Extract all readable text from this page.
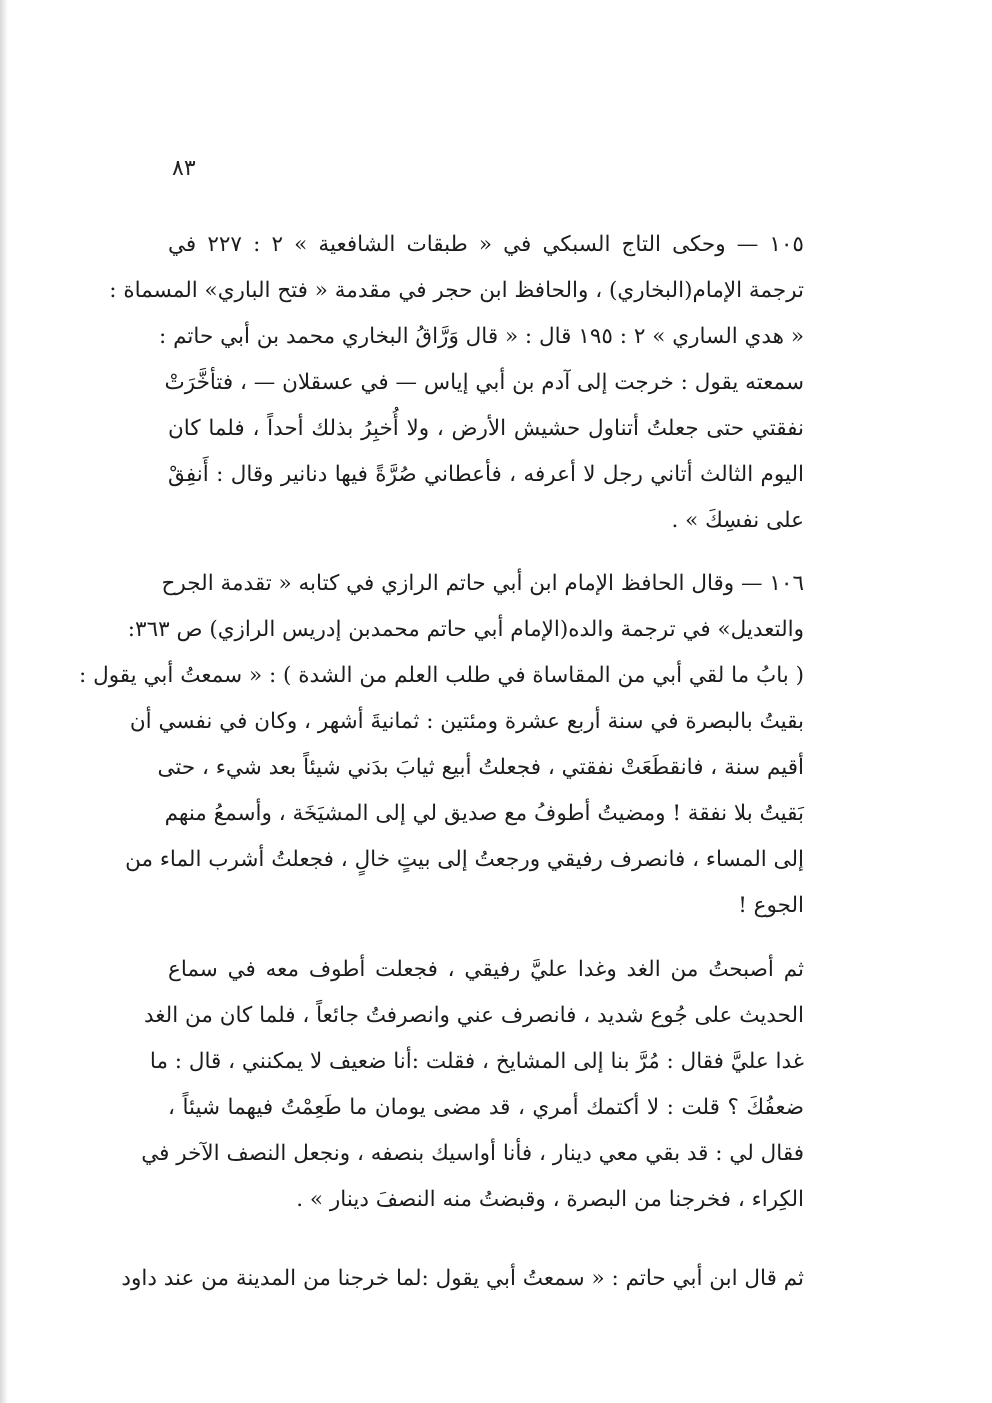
٨٣

١٠٥ — وحكى التاج السبكي في « طبقات الشافعية » ٢ : ٢٢٧ في
ترجمة الإمام(البخاري) ، والحافظ ابن حجر في مقدمة « فتح الباري» المسماة :
« هدي الساري » ٢ : ١٩٥ قال : « قال وَرَّاقُ البخاري محمد بن أبي حاتم :
سمعته يقول : خرجت إلى آدم بن أبي إياس — في عسقلان — ، فتأخَّرَتْ
نفقتي حتى جعلتُ أتناول حشيش الأرض ، ولا أُخبِرُ بذلك أحداً ، فلما كان
اليوم الثالث أتاني رجل لا أعرفه ، فأعطاني صُرَّةً فيها دنانير وقال : أَنفِقْ
على نفسِكَ » .

١٠٦ — وقال الحافظ الإمام ابن أبي حاتم الرازي في كتابه « تقدمة الجرح
والتعديل» في ترجمة والده(الإمام أبي حاتم محمدبن إدريس الرازي) ص ٣٦٣:
( بابُ ما لقي أبي من المقاساة في طلب العلم من الشدة ) : « سمعتُ أبي يقول :
بقيتُ بالبصرة في سنة أربع عشرة ومئتين : ثمانيةَ أشهر ، وكان في نفسي أن
أقيم سنة ، فانقطَعَتْ نفقتي ، فجعلتُ أبيع ثيابَ بدَني شيئاً بعد شيء ، حتى
بَقيتُ بلا نفقة ! ومضيتُ أطوفُ مع صديق لي إلى المشيَخَة ، وأسمعُ منهم
إلى المساء ، فانصرف رفيقي ورجعتُ إلى بيتٍ خالٍ ، فجعلتُ أشرب الماء من
الجوع !

ثم أصبحتُ من الغد وغدا عليَّ رفيقي ، فجعلت أطوف معه في سماع
الحديث على جُوع شديد ، فانصرف عني وانصرفتُ جائعاً ، فلما كان من الغد
غدا عليَّ فقال : مُرَّ بنا إلى المشايخ ، فقلت :أنا ضعيف لا يمكنني ، قال : ما
ضعفُكَ ؟ قلت : لا أكتمك أمري ، قد مضى يومان ما طَعِمْتُ فيهما شيئاً ،
فقال لي : قد بقي معي دينار ، فأنا أواسيك بنصفه ، ونجعل النصف الآخر في
الكِراء ، فخرجنا من البصرة ، وقبضتُ منه النصفَ دينار » .

ثم قال ابن أبي حاتم : « سمعتُ أبي يقول :لما خرجنا من المدينة من عند داود
